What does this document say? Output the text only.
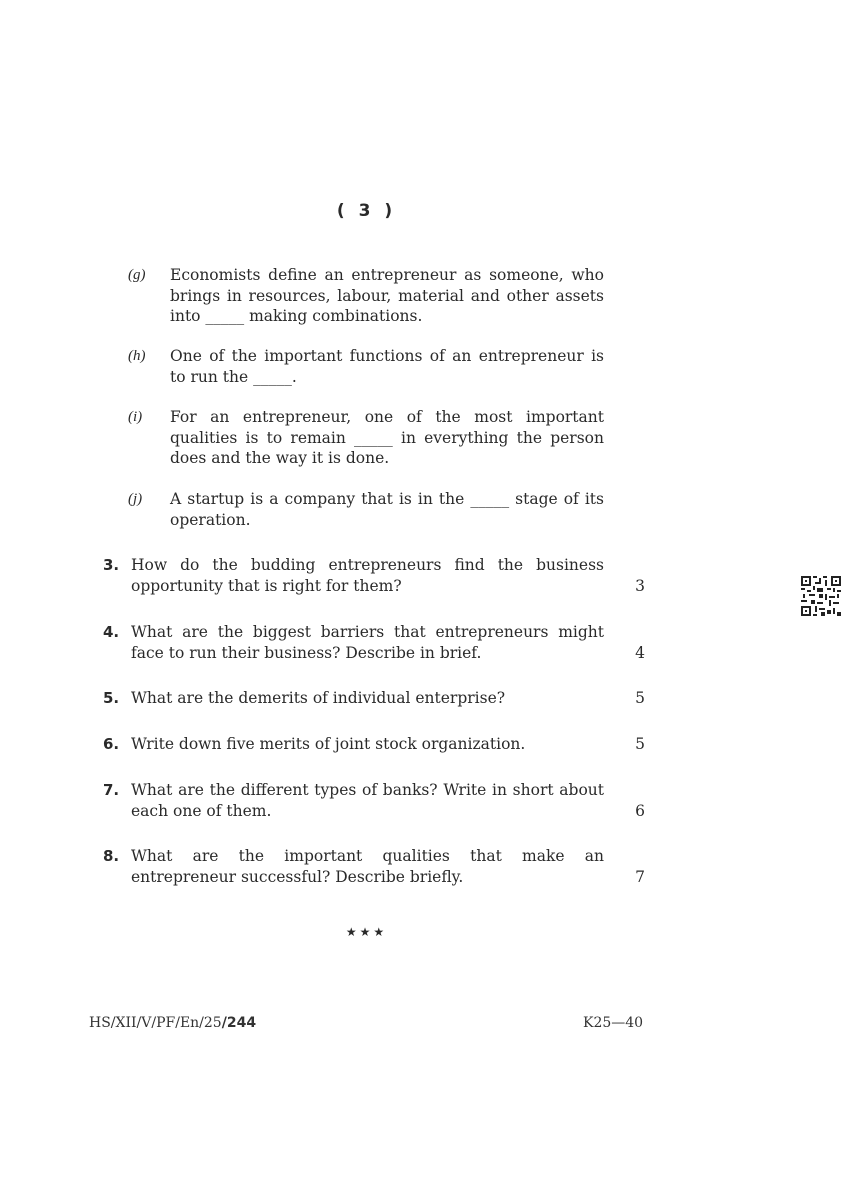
( 3 )
(g) Economists define an entrepreneur as someone, who brings in resources, labour, material and other assets into _____ making combinations.
(h) One of the important functions of an entrepreneur is to run the _____.
(i) For an entrepreneur, one of the most important qualities is to remain _____ in everything the person does and the way it is done.
(j) A startup is a company that is in the _____ stage of its operation.
3. How do the budding entrepreneurs find the business opportunity that is right for them?	3
4. What are the biggest barriers that entrepreneurs might face to run their business? Describe in brief.	4
5. What are the demerits of individual enterprise?	5
6. Write down five merits of joint stock organization.	5
7. What are the different types of banks? Write in short about each one of them.	6
8. What are the important qualities that make an entrepreneur successful? Describe briefly.	7
★★★
HS/XII/V/PF/En/25/244	K25—40
